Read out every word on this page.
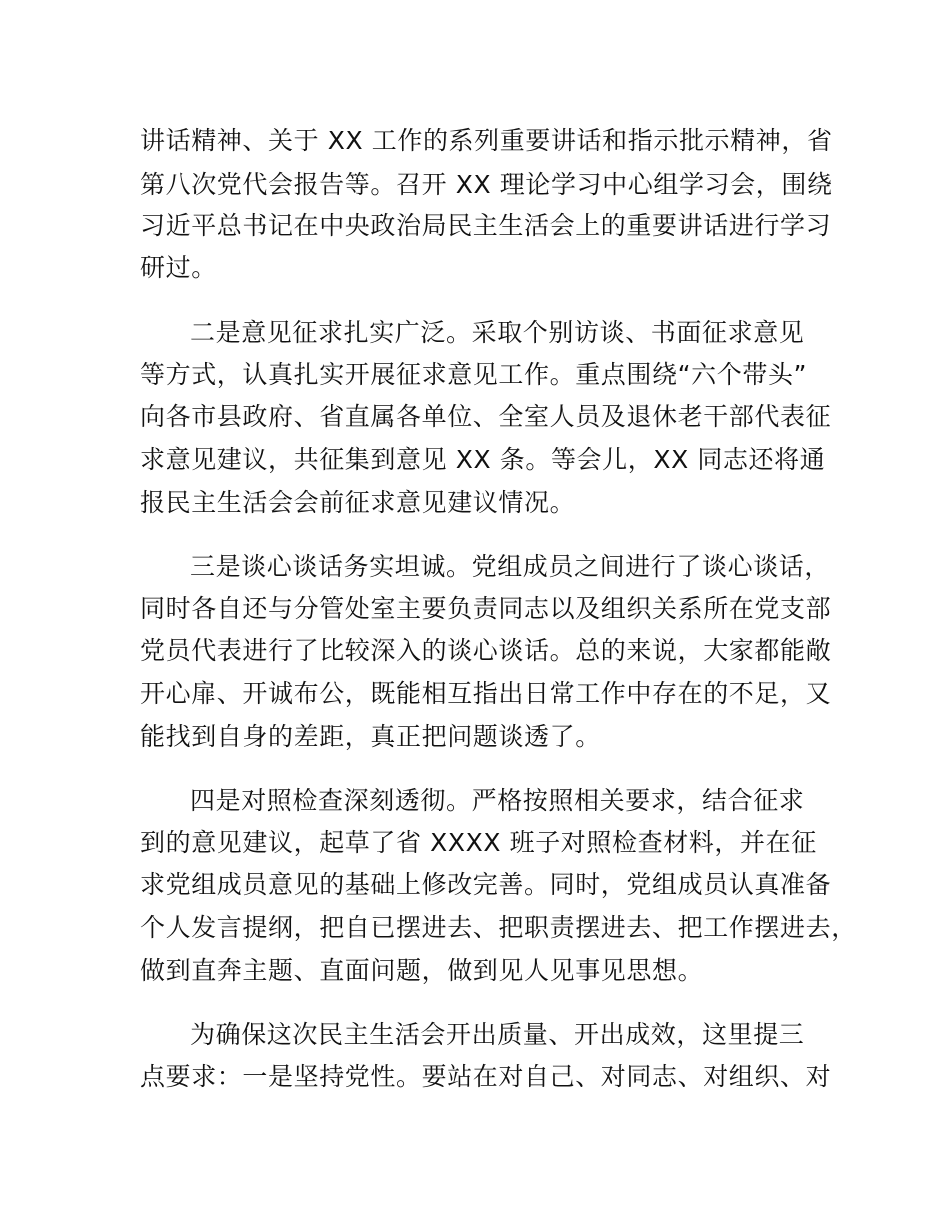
讲话精神、关于 XX 工作的系列重要讲话和指示批示精神，省

第八次党代会报告等。召开 XX 理论学习中心组学习会，围绕

习近平总书记在中央政治局民主生活会上的重要讲话进行学习

研过。

二是意见征求扎实广泛。采取个别访谈、书面征求意见

等方式，认真扎实开展征求意见工作。重点围绕“六个带头”

向各市县政府、省直属各单位、全室人员及退休老干部代表征

求意见建议，共征集到意见 XX 条。等会儿，XX 同志还将通

报民主生活会会前征求意见建议情况。

三是谈心谈话务实坦诚。党组成员之间进行了谈心谈话，

同时各自还与分管处室主要负责同志以及组织关系所在党支部

党员代表进行了比较深入的谈心谈话。总的来说，大家都能敞

开心扉、开诚布公，既能相互指出日常工作中存在的不足，又

能找到自身的差距，真正把问题谈透了。

四是对照检查深刻透彻。严格按照相关要求，结合征求

到的意见建议，起草了省 XXXX 班子对照检查材料，并在征

求党组成员意见的基础上修改完善。同时，党组成员认真准备

个人发言提纲，把自已摆进去、把职责摆进去、把工作摆进去，

做到直奔主题、直面问题，做到见人见事见思想。

为确保这次民主生活会开出质量、开出成效，这里提三

点要求：一是坚持党性。要站在对自己、对同志、对组织、对
